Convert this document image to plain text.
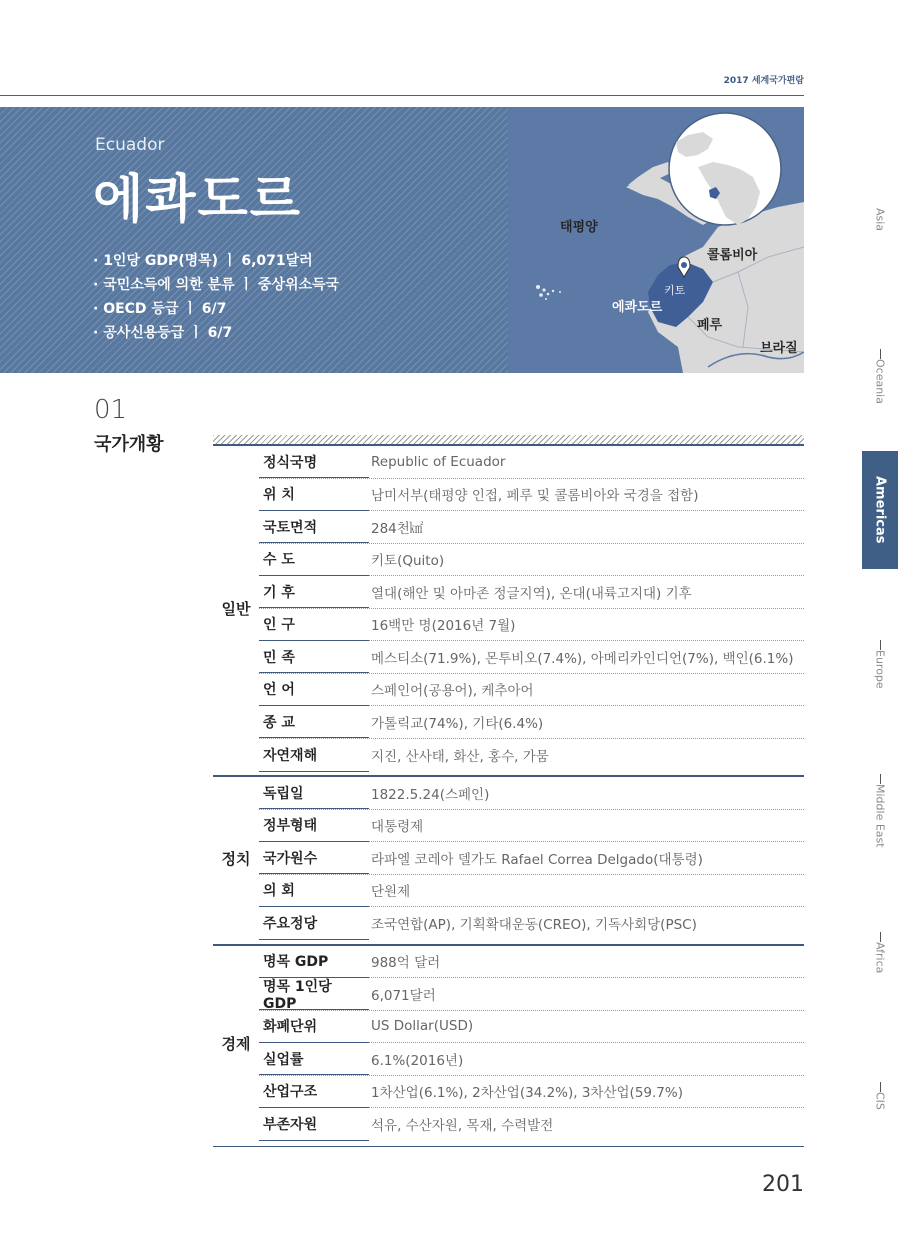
2017 세계국가편람
Ecuador
에콰도르
· 1인당 GDP(명목) ㅣ 6,071달러
· 국민소득에 의한 분류 ㅣ 중상위소득국
· OECD 등급 ㅣ 6/7
· 공사신용등급 ㅣ 6/7
태평양
콜롬비아
키토
에콰도르
페루
브라질
Asia
Oceania
Americas
Europe
Middle East
Africa
CIS
01
국가개황
일반
정식국명	Republic of Ecuador
위 치	남미서부(태평양 인접, 페루 및 콜롬비아와 국경을 접함)
국토면적	284천㎢
수 도	키토(Quito)
기 후	열대(해안 및 아마존 정글지역), 온대(내륙고지대) 기후
인 구	16백만 명(2016년 7월)
민 족	메스티소(71.9%), 몬투비오(7.4%), 아메리카인디언(7%), 백인(6.1%)
언 어	스페인어(공용어), 케추아어
종 교	가톨릭교(74%), 기타(6.4%)
자연재해	지진, 산사태, 화산, 홍수, 가뭄
정치
독립일	1822.5.24(스페인)
정부형태	대통령제
국가원수	라파엘 코레아 델가도 Rafael Correa Delgado(대통령)
의 회	단원제
주요정당	조국연합(AP), 기획확대운동(CREO), 기독사회당(PSC)
경제
명목 GDP	988억 달러
명목 1인당 GDP	6,071달러
화폐단위	US Dollar(USD)
실업률	6.1%(2016년)
산업구조	1차산업(6.1%), 2차산업(34.2%), 3차산업(59.7%)
부존자원	석유, 수산자원, 목재, 수력발전
201
